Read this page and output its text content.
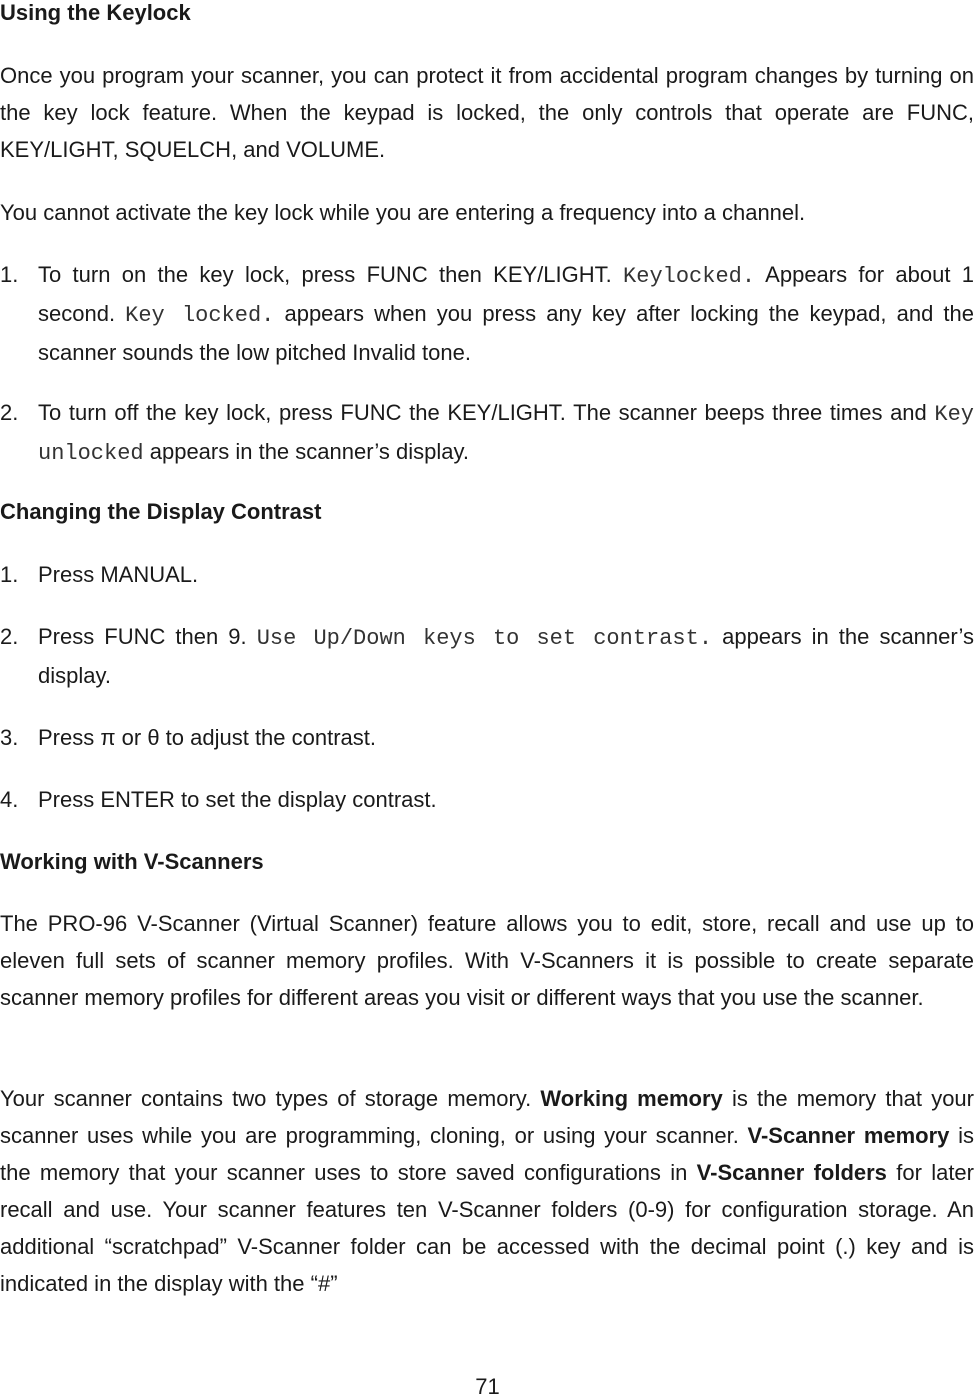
Using the Keylock
Once you program your scanner, you can protect it from accidental program changes by turning on the key lock feature. When the keypad is locked, the only controls that operate are FUNC, KEY/LIGHT, SQUELCH, and VOLUME.
You cannot activate the key lock while you are entering a frequency into a channel.
1. To turn on the key lock, press FUNC then KEY/LIGHT. Keylocked. Appears for about 1 second. Key locked. appears when you press any key after locking the keypad, and the scanner sounds the low pitched Invalid tone.
2. To turn off the key lock, press FUNC the KEY/LIGHT. The scanner beeps three times and Key unlocked appears in the scanner’s display.
Changing the Display Contrast
1. Press MANUAL.
2. Press FUNC then 9. Use Up/Down keys to set contrast. appears in the scanner’s display.
3. Press π or θ to adjust the contrast.
4. Press ENTER to set the display contrast.
Working with V-Scanners
The PRO-96 V-Scanner (Virtual Scanner) feature allows you to edit, store, recall and use up to eleven full sets of scanner memory profiles. With V-Scanners it is possible to create separate scanner memory profiles for different areas you visit or different ways that you use the scanner.
Your scanner contains two types of storage memory. Working memory is the memory that your scanner uses while you are programming, cloning, or using your scanner. V-Scanner memory is the memory that your scanner uses to store saved configurations in V-Scanner folders for later recall and use. Your scanner features ten V-Scanner folders (0-9) for configuration storage. An additional “scratchpad” V-Scanner folder can be accessed with the decimal point (.) key and is indicated in the display with the “#”
71
